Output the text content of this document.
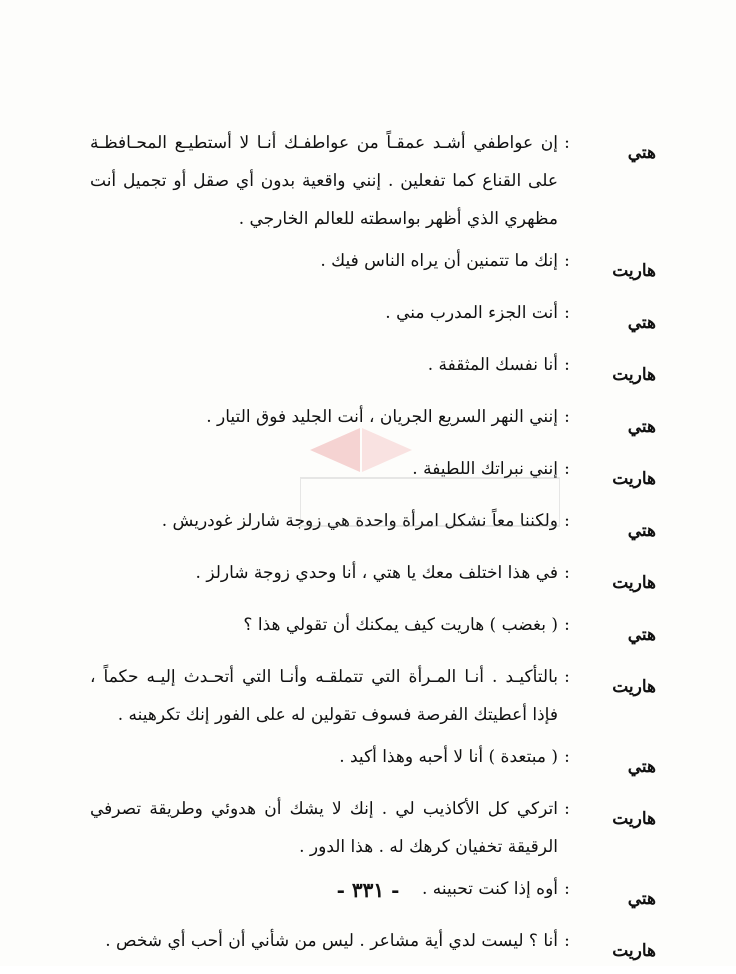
هتي
:
إن عواطفي أشـد عمقـاً من عواطفـك أنـا لا أستطيـع المحـافظـة على القناع كما تفعلين . إنني واقعية بدون أي صقل أو تجميل أنت مظهري الذي أظهر بواسطته للعالم الخارجي .
هاريت
:
إنك ما تتمنين أن يراه الناس فيك .
هتي
:
أنت الجزء المدرب مني .
هاريت
:
أنا نفسك المثقفة .
هتي
:
إنني النهر السريع الجريان ، أنت الجليد فوق التيار .
هاريت
:
إنني نبراتك اللطيفة .
هتي
:
ولكننا معاً نشكل امرأة واحدة هي زوجة شارلز غودريش .
هاريت
:
في هذا اختلف معك يا هتي ، أنا وحدي زوجة شارلز .
هتي
:
( بغضب ) هاريت كيف يمكنك أن تقولي هذا ؟
هاريت
:
بالتأكيـد . أنـا المـرأة التي تتملقـه وأنـا التي أتحـدث إليـه حكماً ، فإذا أعطيتك الفرصة فسوف تقولين له على الفور إنك تكرهينه .
هتي
:
( مبتعدة ) أنا لا أحبه وهذا أكيد .
هاريت
:
اتركي كل الأكاذيب لي . إنك لا يشك أن هدوئي وطريقة تصرفي الرقيقة تخفيان كرهك له . هذا الدور .
هتي
:
أوه إذا كنت تحبينه .
هاريت
:
أنا ؟ ليست لدي أية مشاعر . ليس من شأني أن أحب أي شخص .
- ٣٣١ -
